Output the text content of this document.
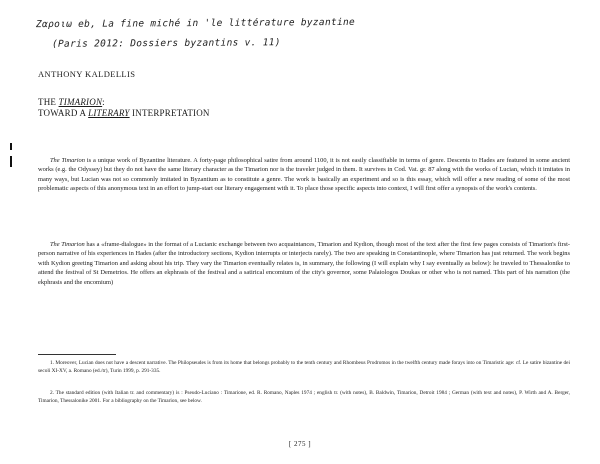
Ζαροιω eb, La fine miché in 'le littérature byzantine
(Paris 2012: Dossiers byzantins v. 11)
ANTHONY KALDELLIS
THE TIMARION:
TOWARD A LITERARY INTERPRETATION

The Timarion is a unique work of Byzantine literature. A forty-page philosophical satire from around 1100, it is not easily classifiable in terms of genre. Descents to Hades are featured in some ancient works (e.g. the Odyssey) but they do not have the same literary character as the Timarion nor is the traveler judged in them. It survives in Cod. Vat. gr. 87 along with the works of Lucian, which it imitates in many ways, but Lucian was not so commonly imitated in Byzantium as to constitute a genre. The work is basically an experiment and so is this essay, which will offer a new reading of some of the most problematic aspects of this anonymous text in an effort to jump-start our literary engagement with it. To place those specific aspects into context, I will first offer a synopsis of the work's contents.

The Timarion has a «frame-dialogue» in the format of a Lucianic exchange between two acquaintances, Timarion and Kydion, though most of the text after the first few pages consists of Timarion's first-person narrative of his experiences in Hades (after the introductory sections, Kydion interrupts or interjects rarely). The two are speaking in Constantinople, where Timarion has just returned. The work begins with Kydion greeting Timarion and asking about his trip. They vary the Timarion eventually relates is, in summary, the following (I will explain why I say eventually as below): he traveled to Thessalonike to attend the festival of St Demetrios. He offers an ekphrasis of the festival and a satirical encomium of the city's governor, some Palaiologos Doukas or other who is not named. This part of his narration (the ekphrasis and the encomium)

1. Moreover, Lucian does not have a descent narrative. The Philopseudes is from its home that belongs probably to the tenth century and Rhombeus Prodromos in the twelfth century made forays into on Timaristic age: cf. Le satire bizantine dei secoli XI-XV, a. Romano (ed./tr), Turin 1999, p. 291-335.

2. The standard edition (with Italian tr. and commentary) is : Pseudo-Luciano : Timarione, ed. R. Romano, Naples 1974 ; english tr. (with notes), B. Baldwin, Timarion, Detroit 1984 ; German (with text and notes), P. Wirth and A. Berger, Timarion, Thessalonike 2001. For a bibliography on the Timarion, see below.

[ 275 ]
